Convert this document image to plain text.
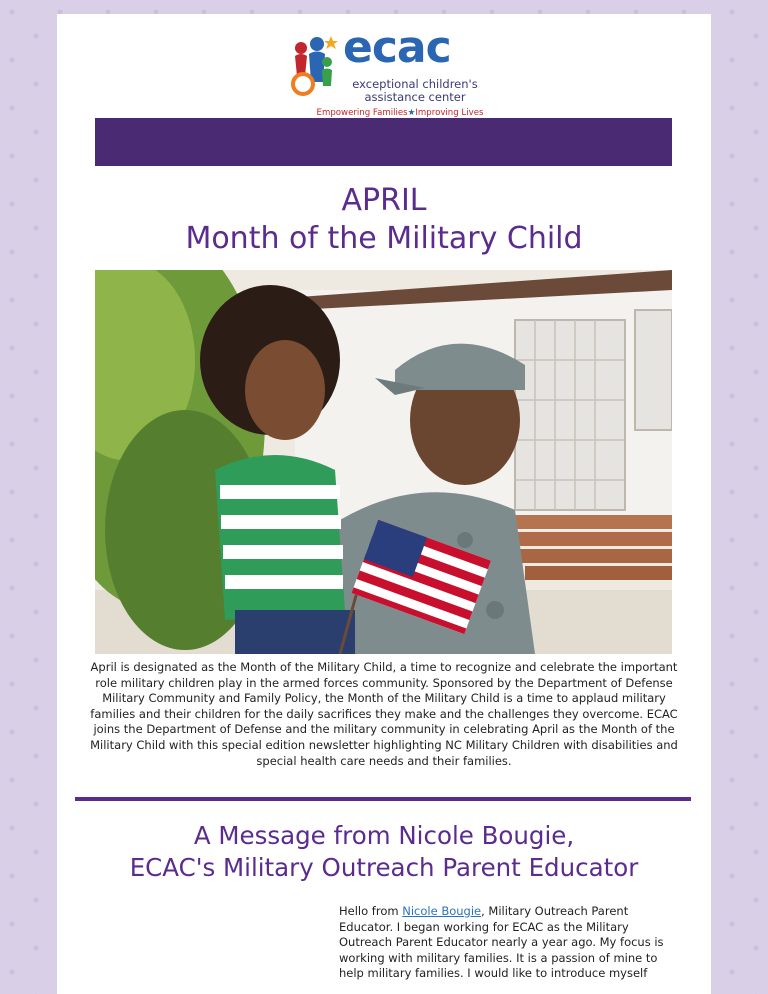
ecac
exceptional children's
assistance center
Empowering Families★Improving Lives
APRIL
Month of the Military Child
April is designated as the Month of the Military Child, a time to recognize and celebrate the important role military children play in the armed forces community. Sponsored by the Department of Defense Military Community and Family Policy, the Month of the Military Child is a time to applaud military families and their children for the daily sacrifices they make and the challenges they overcome. ECAC joins the Department of Defense and the military community in celebrating April as the Month of the Military Child with this special edition newsletter highlighting NC Military Children with disabilities and special health care needs and their families.
A Message from Nicole Bougie,
ECAC's Military Outreach Parent Educator
Hello from Nicole Bougie, Military Outreach Parent Educator. I began working for ECAC as the Military Outreach Parent Educator nearly a year ago. My focus is working with military families. It is a passion of mine to help military families. I would like to introduce myself
